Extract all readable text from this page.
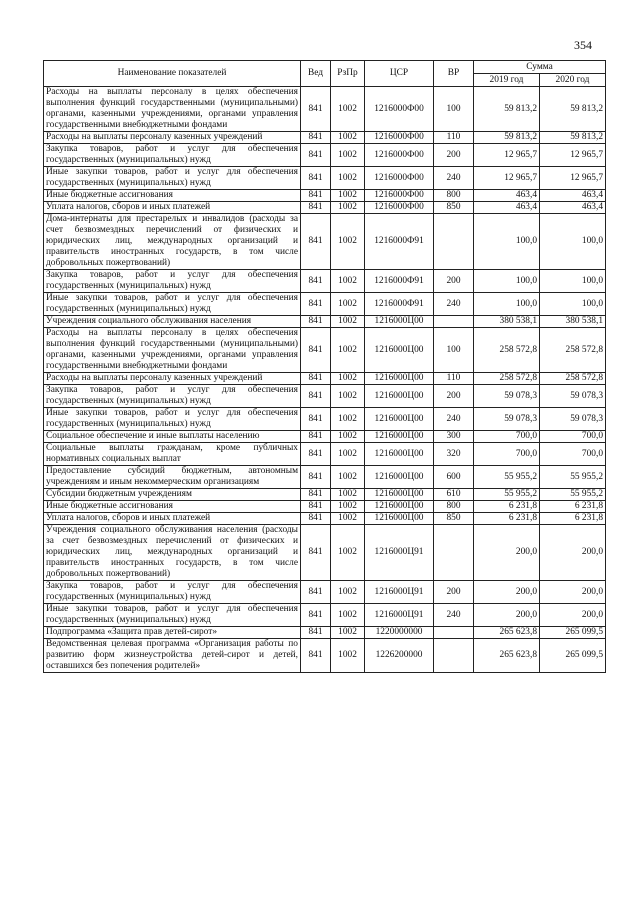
354
Наименование показателей	Вед	РзПр	ЦСР	ВР	Сумма	
					2019 год	2020 год
Расходы на выплаты персоналу в целях обеспечения выполнения функций государственными (муниципальными) органами, казенными учреждениями, органами управления государственными внебюджетными фондами	841	1002	1216000Ф00	100	59 813,2	59 813,2
Расходы на выплаты персоналу казенных учреждений	841	1002	1216000Ф00	110	59 813,2	59 813,2
Закупка товаров, работ и услуг для обеспечения государственных (муниципальных) нужд	841	1002	1216000Ф00	200	12 965,7	12 965,7
Иные закупки товаров, работ и услуг для обеспечения государственных (муниципальных) нужд	841	1002	1216000Ф00	240	12 965,7	12 965,7
Иные бюджетные ассигнования	841	1002	1216000Ф00	800	463,4	463,4
Уплата налогов, сборов и иных платежей	841	1002	1216000Ф00	850	463,4	463,4
Дома-интернаты для престарелых и инвалидов (расходы за счет безвозмездных перечислений от физических и юридических лиц, международных организаций и правительств иностранных государств, в том числе добровольных пожертвований)	841	1002	1216000Ф91		100,0	100,0
Закупка товаров, работ и услуг для обеспечения государственных (муниципальных) нужд	841	1002	1216000Ф91	200	100,0	100,0
Иные закупки товаров, работ и услуг для обеспечения государственных (муниципальных) нужд	841	1002	1216000Ф91	240	100,0	100,0
Учреждения социального обслуживания населения	841	1002	1216000Ц00		380 538,1	380 538,1
Расходы на выплаты персоналу в целях обеспечения выполнения функций государственными (муниципальными) органами, казенными учреждениями, органами управления государственными внебюджетными фондами	841	1002	1216000Ц00	100	258 572,8	258 572,8
Расходы на выплаты персоналу казенных учреждений	841	1002	1216000Ц00	110	258 572,8	258 572,8
Закупка товаров, работ и услуг для обеспечения государственных (муниципальных) нужд	841	1002	1216000Ц00	200	59 078,3	59 078,3
Иные закупки товаров, работ и услуг для обеспечения государственных (муниципальных) нужд	841	1002	1216000Ц00	240	59 078,3	59 078,3
Социальное обеспечение и иные выплаты населению	841	1002	1216000Ц00	300	700,0	700,0
Социальные выплаты гражданам, кроме публичных нормативных социальных выплат	841	1002	1216000Ц00	320	700,0	700,0
Предоставление субсидий бюджетным, автономным учреждениям и иным некоммерческим организациям	841	1002	1216000Ц00	600	55 955,2	55 955,2
Субсидии бюджетным учреждениям	841	1002	1216000Ц00	610	55 955,2	55 955,2
Иные бюджетные ассигнования	841	1002	1216000Ц00	800	6 231,8	6 231,8
Уплата налогов, сборов и иных платежей	841	1002	1216000Ц00	850	6 231,8	6 231,8
Учреждения социального обслуживания населения (расходы за счет безвозмездных перечислений от физических и юридических лиц, международных организаций и правительств иностранных государств, в том числе добровольных пожертвований)	841	1002	1216000Ц91		200,0	200,0
Закупка товаров, работ и услуг для обеспечения государственных (муниципальных) нужд	841	1002	1216000Ц91	200	200,0	200,0
Иные закупки товаров, работ и услуг для обеспечения государственных (муниципальных) нужд	841	1002	1216000Ц91	240	200,0	200,0
Подпрограмма «Защита прав детей-сирот»	841	1002	1220000000		265 623,8	265 099,5
Ведомственная целевая программа «Организация работы по развитию форм жизнеустройства детей-сирот и детей, оставшихся без попечения родителей»	841	1002	1226200000		265 623,8	265 099,5
